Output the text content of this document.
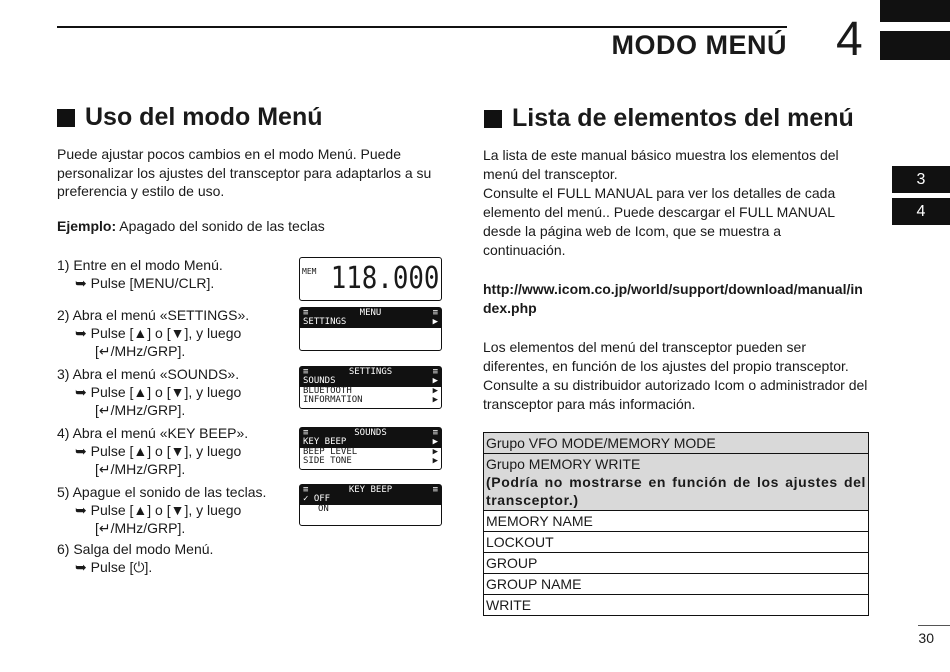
MODO MENÚ 4
3
4
Uso del modo Menú
Puede ajustar pocos cambios en el modo Menú. Puede personalizar los ajustes del transceptor para adaptarlos a su preferencia y estilo de uso.
Ejemplo: Apagado del sonido de las teclas
1) Entre en el modo Menú.
➥ Pulse [MENU/CLR].
2) Abra el menú «SETTINGS».
➥ Pulse [▲] o [▼], y luego
[↵/MHz/GRP].
3) Abra el menú «SOUNDS».
➥ Pulse [▲] o [▼], y luego
[↵/MHz/GRP].
4) Abra el menú «KEY BEEP».
➥ Pulse [▲] o [▼], y luego
[↵/MHz/GRP].
5) Apague el sonido de las teclas.
➥ Pulse [▲] o [▼], y luego
[↵/MHz/GRP].
6) Salga del modo Menú.
➥ Pulse [⏻].
MEM 118.000
≡	MENU	≡
SETTINGS	▶
≡	SETTINGS	≡
SOUNDS	▶
BLUETOOTH	▶
INFORMATION	▶
≡	SOUNDS	≡
KEY BEEP	▶
BEEP LEVEL	▶
SIDE TONE	▶
≡	KEY BEEP	≡
✓ OFF
ON
Lista de elementos del menú
La lista de este manual básico muestra los elementos del menú del transceptor.
Consulte el FULL MANUAL para ver los detalles de cada elemento del menú.. Puede descargar el FULL MANUAL desde la página web de Icom, que se muestra a continuación.
http://www.icom.co.jp/world/support/download/manual/index.php
Los elementos del menú del transceptor pueden ser diferentes, en función de los ajustes del propio transceptor. Consulte a su distribuidor autorizado Icom o administrador del transceptor para más información.
Grupo VFO MODE/MEMORY MODE

Grupo MEMORY WRITE
(Podría no mostrarse en función de los ajustes del transceptor.)

MEMORY NAME
LOCKOUT
GROUP
GROUP NAME
WRITE
30
